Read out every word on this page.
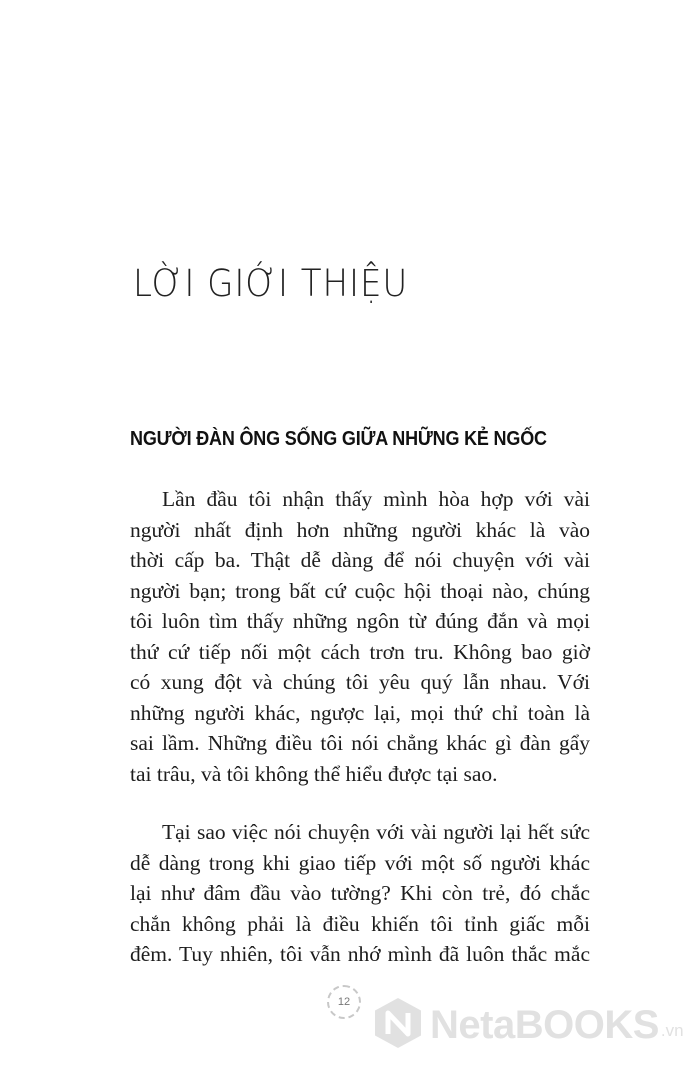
LỜI GIỚI THIỆU
NGƯỜI ĐÀN ÔNG SỐNG GIỮA NHỮNG KẺ NGỐC

Lần đầu tôi nhận thấy mình hòa hợp với vài
người nhất định hơn những người khác là vào
thời cấp ba. Thật dễ dàng để nói chuyện với vài
người bạn; trong bất cứ cuộc hội thoại nào, chúng
tôi luôn tìm thấy những ngôn từ đúng đắn và mọi
thứ cứ tiếp nối một cách trơn tru. Không bao giờ
có xung đột và chúng tôi yêu quý lẫn nhau. Với
những người khác, ngược lại, mọi thứ chỉ toàn là
sai lầm. Những điều tôi nói chẳng khác gì đàn gẩy
tai trâu, và tôi không thể hiểu được tại sao.

Tại sao việc nói chuyện với vài người lại hết sức
dễ dàng trong khi giao tiếp với một số người khác
lại như đâm đầu vào tường? Khi còn trẻ, đó chắc
chắn không phải là điều khiến tôi tỉnh giấc mỗi
đêm. Tuy nhiên, tôi vẫn nhớ mình đã luôn thắc mắc

12
NetaBOOKS .vn
